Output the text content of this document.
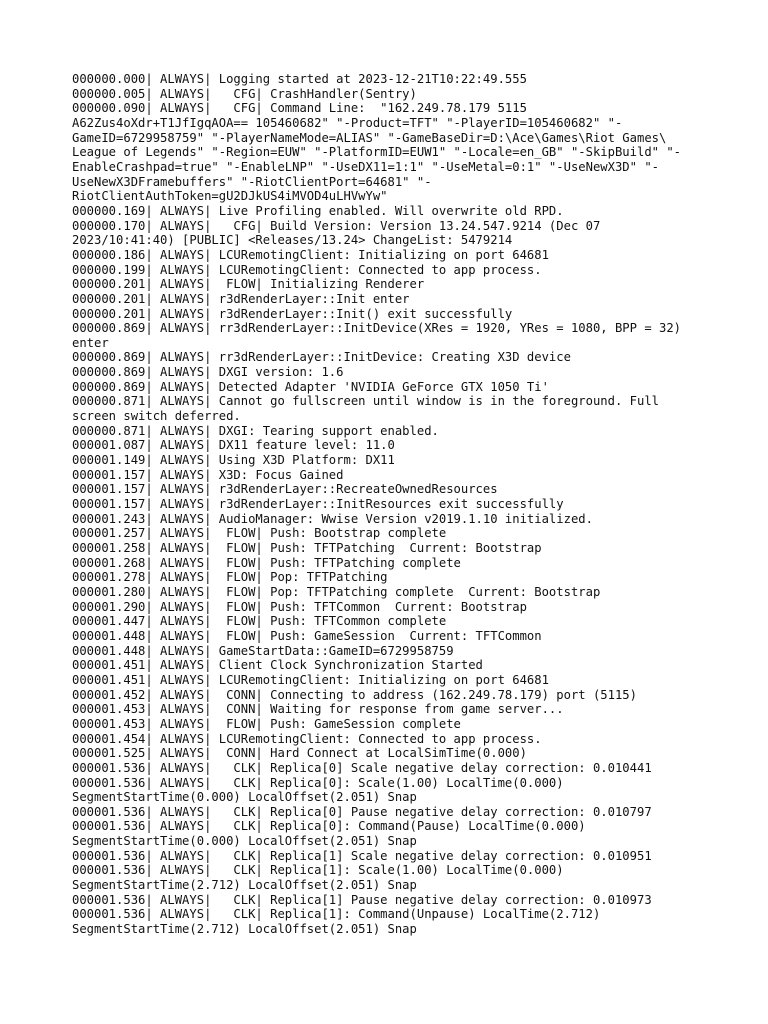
000000.000| ALWAYS| Logging started at 2023-12-21T10:22:49.555
000000.005| ALWAYS|   CFG| CrashHandler(Sentry)
000000.090| ALWAYS|   CFG| Command Line:  "162.249.78.179 5115
A62Zus4oXdr+T1JfIgqAOA== 105460682" "-Product=TFT" "-PlayerID=105460682" "-
GameID=6729958759" "-PlayerNameMode=ALIAS" "-GameBaseDir=D:\Ace\Games\Riot Games\
League of Legends" "-Region=EUW" "-PlatformID=EUW1" "-Locale=en_GB" "-SkipBuild" "-
EnableCrashpad=true" "-EnableLNP" "-UseDX11=1:1" "-UseMetal=0:1" "-UseNewX3D" "-
UseNewX3DFramebuffers" "-RiotClientPort=64681" "-
RiotClientAuthToken=gU2DJkUS4iMVOD4uLHVwYw"
000000.169| ALWAYS| Live Profiling enabled. Will overwrite old RPD.
000000.170| ALWAYS|   CFG| Build Version: Version 13.24.547.9214 (Dec 07
2023/10:41:40) [PUBLIC] <Releases/13.24> ChangeList: 5479214
000000.186| ALWAYS| LCURemotingClient: Initializing on port 64681
000000.199| ALWAYS| LCURemotingClient: Connected to app process.
000000.201| ALWAYS|  FLOW| Initializing Renderer
000000.201| ALWAYS| r3dRenderLayer::Init enter
000000.201| ALWAYS| r3dRenderLayer::Init() exit successfully
000000.869| ALWAYS| rr3dRenderLayer::InitDevice(XRes = 1920, YRes = 1080, BPP = 32)
enter
000000.869| ALWAYS| rr3dRenderLayer::InitDevice: Creating X3D device
000000.869| ALWAYS| DXGI version: 1.6
000000.869| ALWAYS| Detected Adapter 'NVIDIA GeForce GTX 1050 Ti'
000000.871| ALWAYS| Cannot go fullscreen until window is in the foreground. Full
screen switch deferred.
000000.871| ALWAYS| DXGI: Tearing support enabled.
000001.087| ALWAYS| DX11 feature level: 11.0
000001.149| ALWAYS| Using X3D Platform: DX11
000001.157| ALWAYS| X3D: Focus Gained
000001.157| ALWAYS| r3dRenderLayer::RecreateOwnedResources
000001.157| ALWAYS| r3dRenderLayer::InitResources exit successfully
000001.243| ALWAYS| AudioManager: Wwise Version v2019.1.10 initialized.
000001.257| ALWAYS|  FLOW| Push: Bootstrap complete
000001.258| ALWAYS|  FLOW| Push: TFTPatching  Current: Bootstrap
000001.268| ALWAYS|  FLOW| Push: TFTPatching complete
000001.278| ALWAYS|  FLOW| Pop: TFTPatching
000001.280| ALWAYS|  FLOW| Pop: TFTPatching complete  Current: Bootstrap
000001.290| ALWAYS|  FLOW| Push: TFTCommon  Current: Bootstrap
000001.447| ALWAYS|  FLOW| Push: TFTCommon complete
000001.448| ALWAYS|  FLOW| Push: GameSession  Current: TFTCommon
000001.448| ALWAYS| GameStartData::GameID=6729958759
000001.451| ALWAYS| Client Clock Synchronization Started
000001.451| ALWAYS| LCURemotingClient: Initializing on port 64681
000001.452| ALWAYS|  CONN| Connecting to address (162.249.78.179) port (5115)
000001.453| ALWAYS|  CONN| Waiting for response from game server...
000001.453| ALWAYS|  FLOW| Push: GameSession complete
000001.454| ALWAYS| LCURemotingClient: Connected to app process.
000001.525| ALWAYS|  CONN| Hard Connect at LocalSimTime(0.000)
000001.536| ALWAYS|   CLK| Replica[0] Scale negative delay correction: 0.010441
000001.536| ALWAYS|   CLK| Replica[0]: Scale(1.00) LocalTime(0.000)
SegmentStartTime(0.000) LocalOffset(2.051) Snap
000001.536| ALWAYS|   CLK| Replica[0] Pause negative delay correction: 0.010797
000001.536| ALWAYS|   CLK| Replica[0]: Command(Pause) LocalTime(0.000)
SegmentStartTime(0.000) LocalOffset(2.051) Snap
000001.536| ALWAYS|   CLK| Replica[1] Scale negative delay correction: 0.010951
000001.536| ALWAYS|   CLK| Replica[1]: Scale(1.00) LocalTime(0.000)
SegmentStartTime(2.712) LocalOffset(2.051) Snap
000001.536| ALWAYS|   CLK| Replica[1] Pause negative delay correction: 0.010973
000001.536| ALWAYS|   CLK| Replica[1]: Command(Unpause) LocalTime(2.712)
SegmentStartTime(2.712) LocalOffset(2.051) Snap
